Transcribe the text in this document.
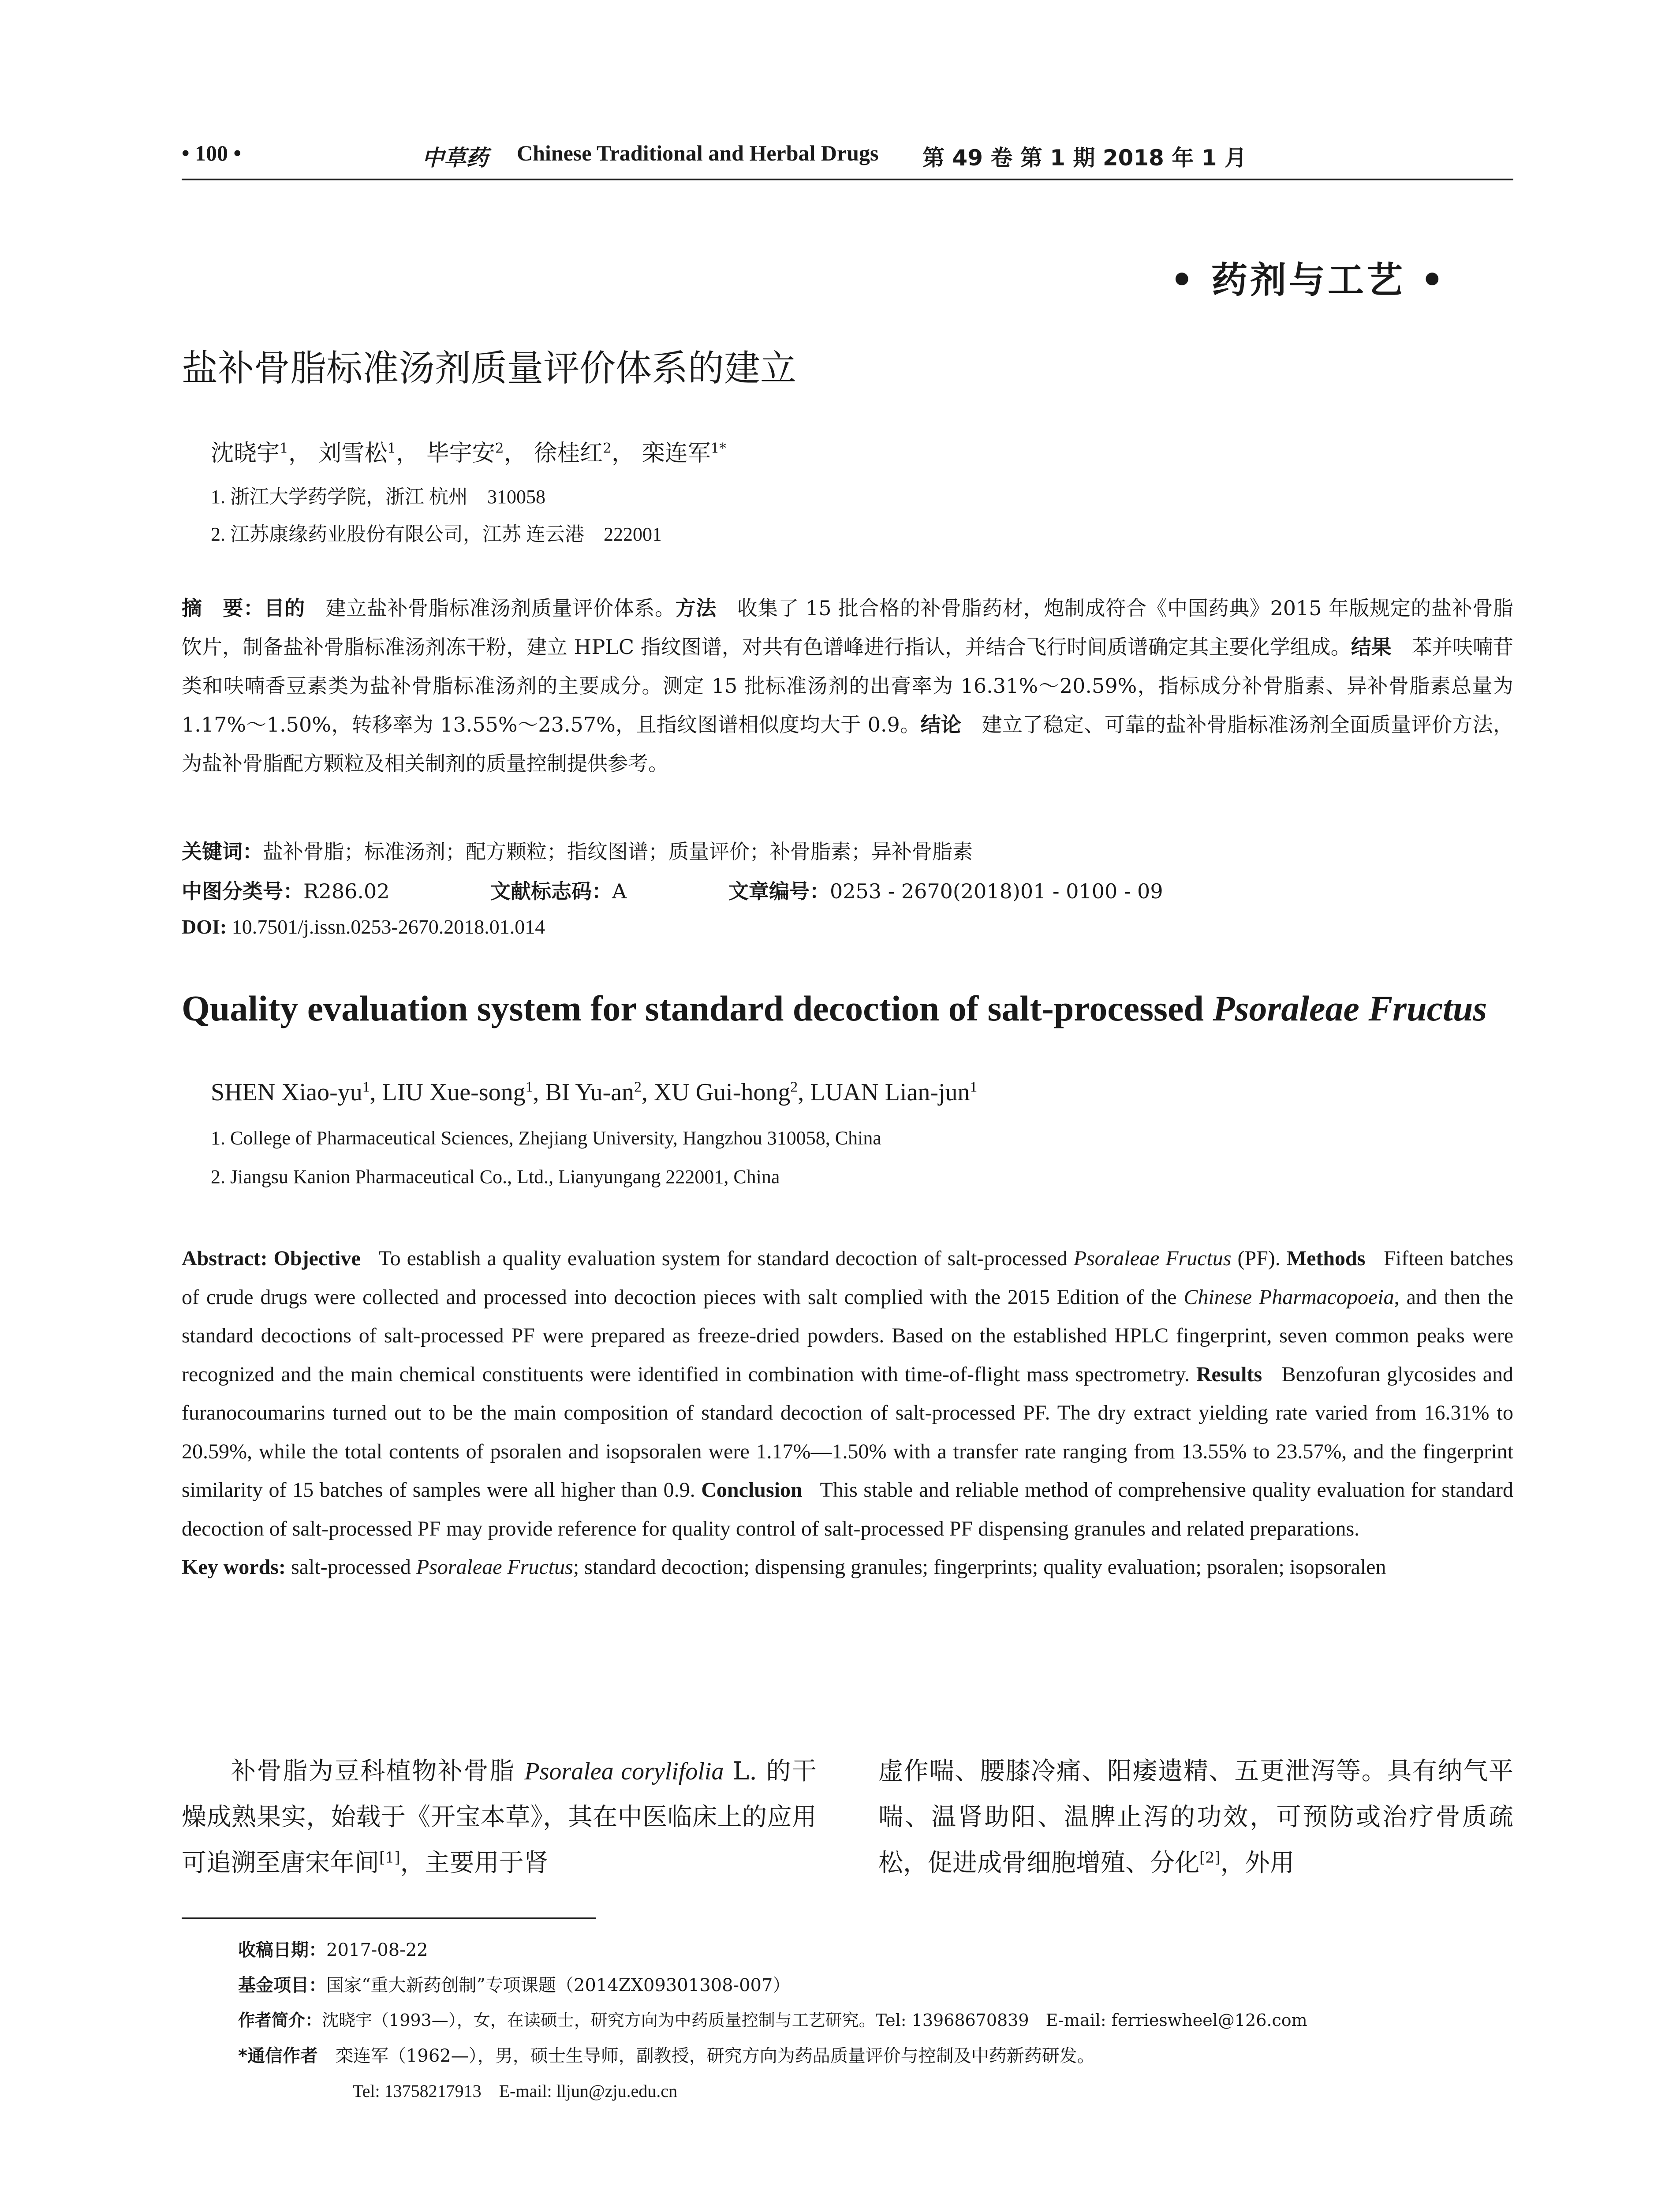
• 100 •	中草药 Chinese Traditional and Herbal Drugs 第 49 卷 第 1 期 2018 年 1 月
• 药剂与工艺 •
盐补骨脂标准汤剂质量评价体系的建立
沈晓宇$^1$， 刘雪松$^1$， 毕宇安$^2$， 徐桂红$^2$， 栾连军$^{1*}$
1. 浙江大学药学院，浙江 杭州　310058
2. 江苏康缘药业股份有限公司，江苏 连云港　222001
摘　要：目的　 建立盐补骨脂标准汤剂质量评价体系。方法　 收集了 15 批合格的补骨脂药材，炮制成符合《中国药典》2015 年版规定的盐补骨脂饮片，制备盐补骨脂标准汤剂冻干粉，建立 HPLC 指纹图谱，对共有色谱峰进行指认，并结合飞行时间质谱确定其主要化学组成。结果　 苯并呋喃苷类和呋喃香豆素类为盐补骨脂标准汤剂的主要成分。测定 15 批标准汤剂的出膏率为 16.31%～20.59%，指标成分补骨脂素、异补骨脂素总量为 1.17%～1.50%，转移率为 13.55%～23.57%，且指纹图谱相似度均大于 0.9。结论　 建立了稳定、可靠的盐补骨脂标准汤剂全面质量评价方法，为盐补骨脂配方颗粒及相关制剂的质量控制提供参考。
关键词：盐补骨脂；标准汤剂；配方颗粒；指纹图谱；质量评价；补骨脂素；异补骨脂素
中图分类号：R286.02	文献标志码：A	文章编号：0253 - 2670(2018)01 - 0100 - 09
DOI: 10.7501/j.issn.0253-2670.2018.01.014
Quality evaluation system for standard decoction of salt-processed Psoraleae Fructus
SHEN Xiao-$yu^1$, LIU Xue-song$^1$, BI $Yu-an^2$, XU Gui-hong$^2$, LUAN Lian-jun$^1$
1. College of Pharmaceutical Sciences, Zhejiang University, Hangzhou 310058, China
2. Jiangsu Kanion Pharmaceutical Co., Ltd., Lianyungang 222001, China
Abstract: Objective To establish a quality evaluation system for standard decoction of salt-processed Psoraleae Fructus (PF). Methods Fifteen batches of crude drugs were collected and processed into decoction pieces with salt complied with the 2015 Edition of the Chinese Pharmacopoeia, and then the standard decoctions of salt-processed PF were prepared as freeze-dried powders. Based on the established HPLC fingerprint, seven common peaks were recognized and the main chemical constituents were identified in combination with time-of-flight mass spectrometry. Results Benzofuran glycosides and furanocoumarins turned out to be the main composition of standard decoction of salt-processed PF. The dry extract yielding rate varied from 16.31% to 20.59%, while the total contents of psoralen and isopsoralen were 1.17%—1.50% with a transfer rate ranging from 13.55% to 23.57%, and the fingerprint similarity of 15 batches of samples were all higher than 0.9. Conclusion This stable and reliable method of comprehensive quality evaluation for standard decoction of salt-processed PF may provide reference for quality control of salt-processed PF dispensing granules and related preparations.
Key words: salt-processed Psoraleae Fructus; standard decoction; dispensing granules; fingerprints; quality evaluation; psoralen; isopsoralen
补骨脂为豆科植物补骨脂 Psoralea corylifolia L. 的干燥成熟果实，始载于《开宝本草》，其在中医临床上的应用可追溯至唐宋年间[1]，主要用于肾
虚作喘、腰膝冷痛、阳痿遗精、五更泄泻等。具有纳气平喘、温肾助阳、温脾止泻的功效，可预防或治疗骨质疏松，促进成骨细胞增殖、分化[2]，外用
收稿日期：2017-08-22
基金项目：国家“重大新药创制”专项课题（2014ZX09301308-007）
作者简介：沈晓宇（1993—），女，在读硕士，研究方向为中药质量控制与工艺研究。Tel: 13968670839　E-mail: ferrieswheel@126.com
*通信作者　 栾连军（1962—），男，硕士生导师，副教授，研究方向为药品质量评价与控制及中药新药研发。
Tel: 13758217913　E-mail: lljun@zju.edu.cn
